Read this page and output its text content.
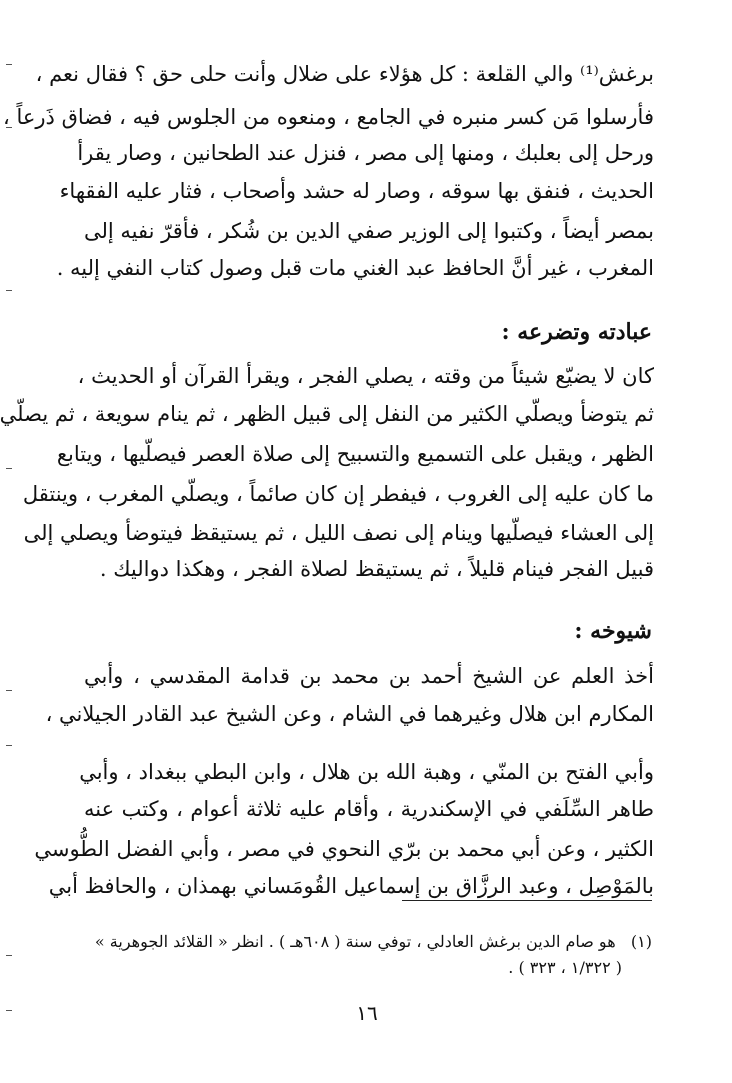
برغش⁽¹⁾ والي القلعة : كل هؤلاء على ضلال وأنت حلى حق ؟ فقال نعم ،

فأرسلوا مَن كسر منبره في الجامع ، ومنعوه من الجلوس فيه ، فضاق ذَرعاً ،

ورحل إلى بعلبك ، ومنها إلى مصر ، فنزل عند الطحانين ، وصار يقرأ

الحديث ، فنفق بها سوقه ، وصار له حشد وأصحاب ، فثار عليه الفقهاء

بمصر أيضاً ، وكتبوا إلى الوزير صفي الدين بن شُكر ، فأقرّ نفيه إلى

المغرب ، غير أنَّ الحافظ عبد الغني مات قبل وصول كتاب النفي إليه .

عبادته وتضرعه :

كان لا يضيّع شيئاً من وقته ، يصلي الفجر ، ويقرأ القرآن أو الحديث ،

ثم يتوضأ ويصلّي الكثير من النفل إلى قبيل الظهر ، ثم ينام سويعة ، ثم يصلّي

الظهر ، ويقبل على التسميع والتسبيح إلى صلاة العصر فيصلّيها ، ويتابع

ما كان عليه إلى الغروب ، فيفطر إن كان صائماً ، ويصلّي المغرب ، وينتقل

إلى العشاء فيصلّيها وينام إلى نصف الليل ، ثم يستيقظ فيتوضأ ويصلي إلى

قبيل الفجر فينام قليلاً ، ثم يستيقظ لصلاة الفجر ، وهكذا دواليك .

شيوخه :

أخذ العلم عن الشيخ أحمد بن محمد بن قدامة المقدسي ، وأبي

المكارم ابن هلال وغيرهما في الشام ، وعن الشيخ عبد القادر الجيلاني ،

وأبي الفتح بن المنّي ، وهبة الله بن هلال ، وابن البطي ببغداد ، وأبي

طاهر السِّلَفي في الإسكندرية ، وأقام عليه ثلاثة أعوام ، وكتب عنه

الكثير ، وعن أبي محمد بن برّي النحوي في مصر ، وأبي الفضل الطُّوسي

بالمَوْصِل ، وعبد الرزَّاق بن إسماعيل القُومَساني بهمذان ، والحافظ أبي

(١)   هو صام الدين برغش العادلي ، توفي سنة ( ٦٠٨هـ ) . انظر « القلائد الجوهرية »

( ١/٣٢٢ ، ٣٢٣ ) .

١٦
